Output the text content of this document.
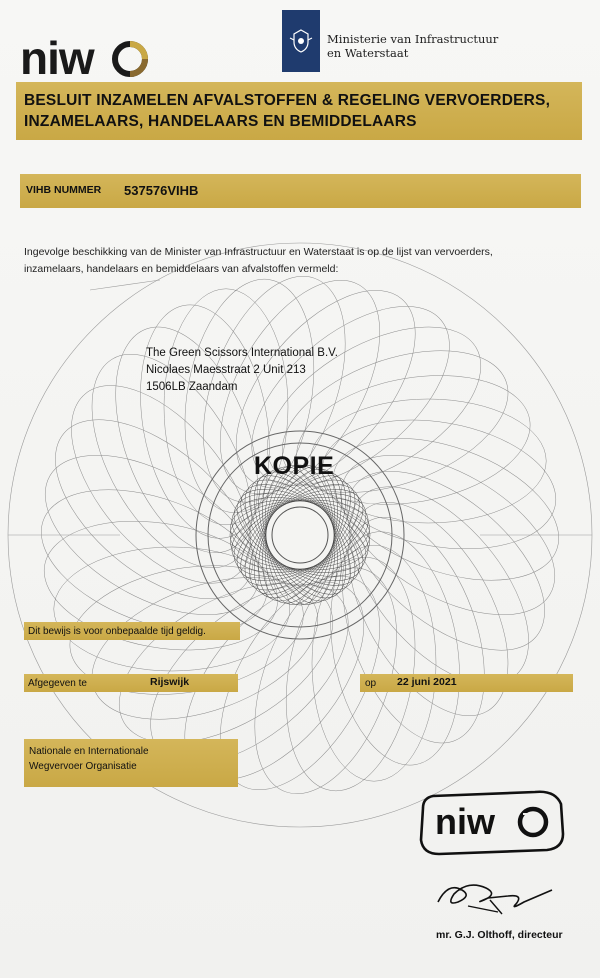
niw	Ministerie van Infrastructuur
en Waterstaat
BESLUIT INZAMELEN AFVALSTOFFEN & REGELING VERVOERDERS,
INZAMELAARS, HANDELAARS EN BEMIDDELAARS
VIHB NUMMER 537576VIHB
Ingevolge beschikking van de Minister van Infrastructuur en Waterstaat is op de lijst van vervoerders,
inzamelaars, handelaars en bemiddelaars van afvalstoffen vermeld:
The Green Scissors International B.V.
Nicolaes Maesstraat 2 Unit 213
1506LB Zaandam
KOPIE
Dit bewijs is voor onbepaalde tijd geldig.
Afgegeven te	Rijswijk	op 22 juni 2021
Nationale en Internationale
Wegvervoer Organisatie
niw
mr. G.J. Olthoff, directeur
